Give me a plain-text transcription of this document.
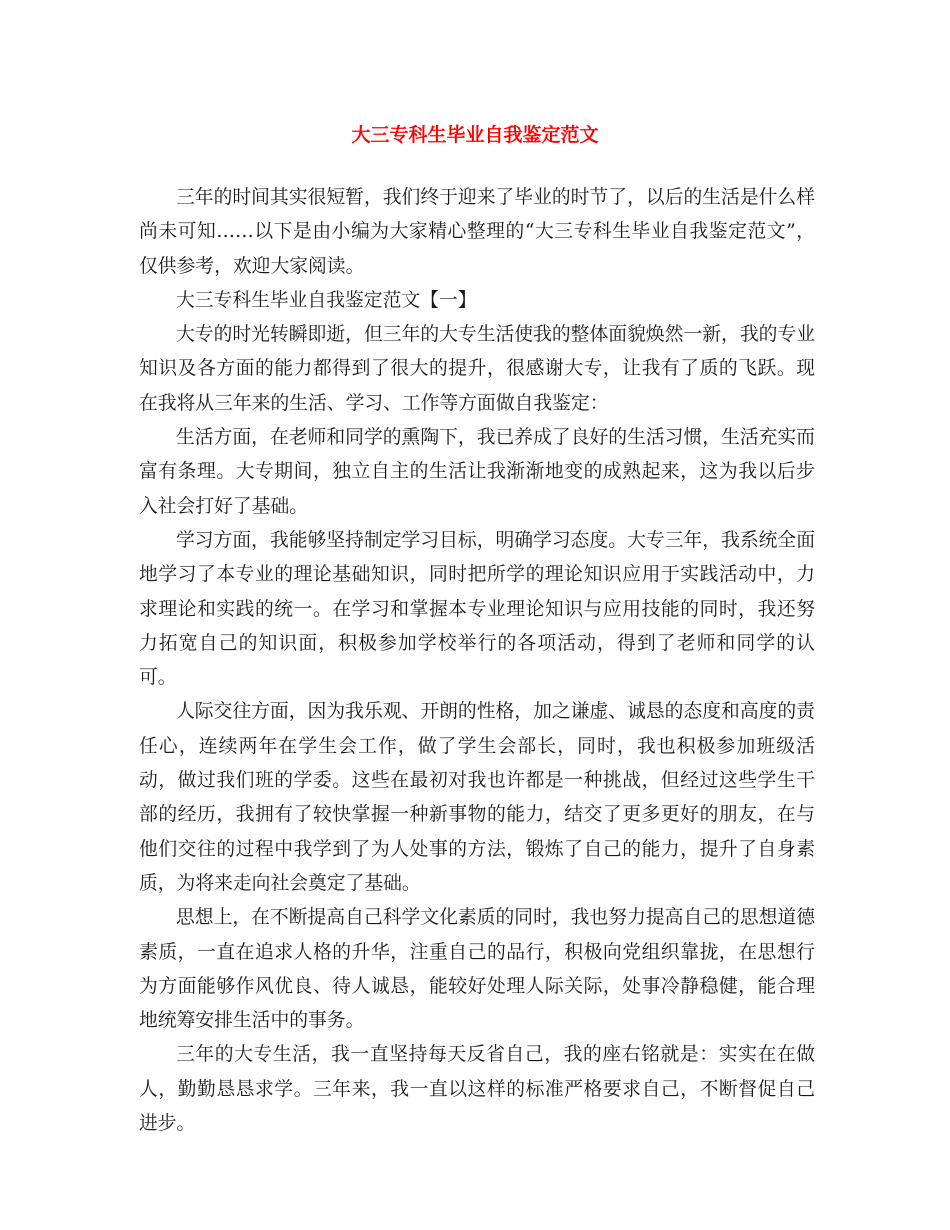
大三专科生毕业自我鉴定范文

三年的时间其实很短暂，我们终于迎来了毕业的时节了，以后的生活是什么样尚未可知……以下是由小编为大家精心整理的“大三专科生毕业自我鉴定范文”，仅供参考，欢迎大家阅读。

大三专科生毕业自我鉴定范文【一】

大专的时光转瞬即逝，但三年的大专生活使我的整体面貌焕然一新，我的专业知识及各方面的能力都得到了很大的提升，很感谢大专，让我有了质的飞跃。现在我将从三年来的生活、学习、工作等方面做自我鉴定：

生活方面，在老师和同学的熏陶下，我已养成了良好的生活习惯，生活充实而富有条理。大专期间，独立自主的生活让我渐渐地变的成熟起来，这为我以后步入社会打好了基础。

学习方面，我能够坚持制定学习目标，明确学习态度。大专三年，我系统全面地学习了本专业的理论基础知识，同时把所学的理论知识应用于实践活动中，力求理论和实践的统一。在学习和掌握本专业理论知识与应用技能的同时，我还努力拓宽自己的知识面，积极参加学校举行的各项活动，得到了老师和同学的认可。

人际交往方面，因为我乐观、开朗的性格，加之谦虚、诚恳的态度和高度的责任心，连续两年在学生会工作，做了学生会部长，同时，我也积极参加班级活动，做过我们班的学委。这些在最初对我也许都是一种挑战，但经过这些学生干部的经历，我拥有了较快掌握一种新事物的能力，结交了更多更好的朋友，在与他们交往的过程中我学到了为人处事的方法，锻炼了自己的能力，提升了自身素质，为将来走向社会奠定了基础。

思想上，在不断提高自己科学文化素质的同时，我也努力提高自己的思想道德素质，一直在追求人格的升华，注重自己的品行，积极向党组织靠拢，在思想行为方面能够作风优良、待人诚恳，能较好处理人际关际，处事冷静稳健，能合理地统筹安排生活中的事务。

三年的大专生活，我一直坚持每天反省自己，我的座右铭就是：实实在在做人，勤勤恳恳求学。三年来，我一直以这样的标准严格要求自己，不断督促自己进步。
